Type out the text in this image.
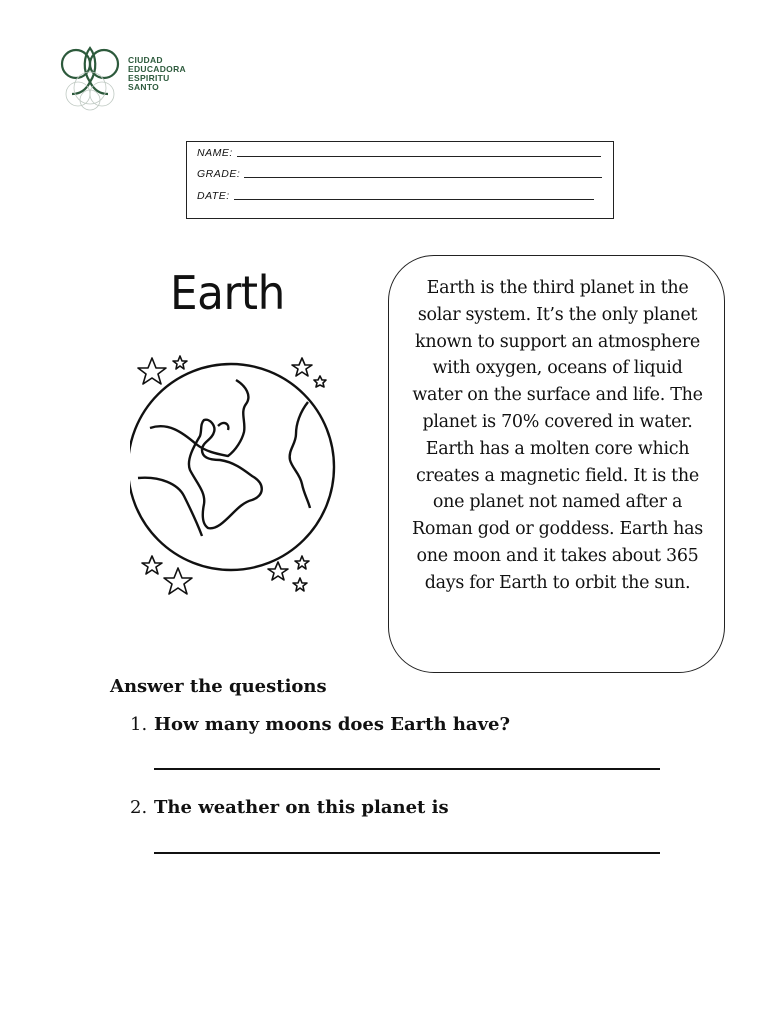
CIUDAD
EDUCADORA
ESPIRITU
SANTO
NAME:
GRADE:
DATE:
Earth	Earth is the third planet in the solar system. It’s the only planet known to support an atmosphere with oxygen, oceans of liquid water on the surface and life. The planet is 70% covered in water. Earth has a molten core which creates a magnetic field. It is the one planet not named after a Roman god or goddess. Earth has one moon and it takes about 365 days for Earth to orbit the sun.
Answer the questions
1. How many moons does Earth have?
2. The weather on this planet is
